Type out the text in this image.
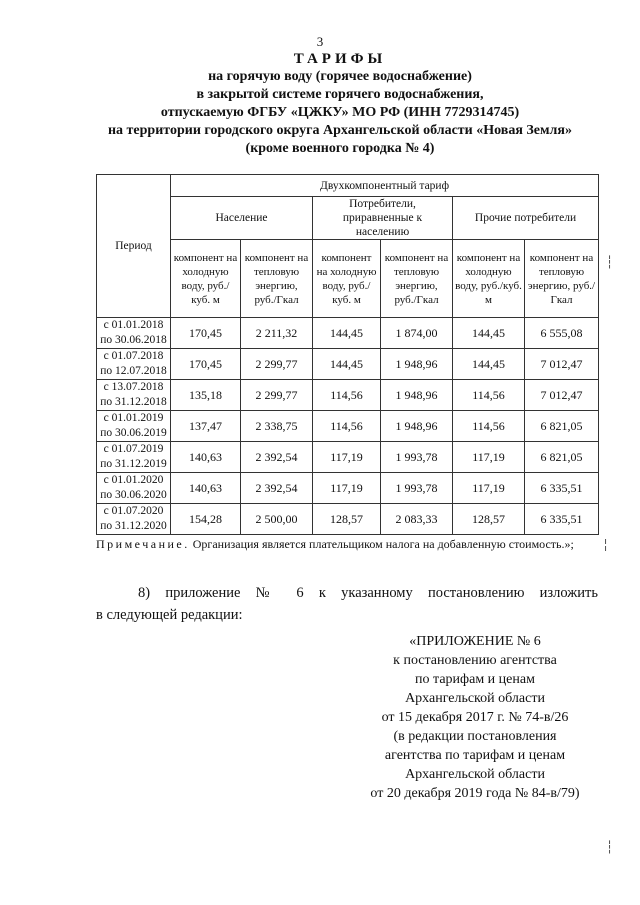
3
ТАРИФЫ
на горячую воду (горячее водоснабжение)
в закрытой системе горячего водоснабжения,
отпускаемую ФГБУ «ЦЖКУ» МО РФ (ИНН 7729314745)
на территории городского округа Архангельской области «Новая Земля»
(кроме военного городка № 4)
Период	Двухкомпонентный тариф					
	Население		Потребители, приравненные к населению		Прочие потребители	
	компонент на холодную воду, руб./куб. м	компонент на тепловую энергию, руб./Гкал	компонент на холодную воду, руб./куб. м	компонент на тепловую энергию, руб./Гкал	компонент на холодную воду, руб./куб. м	компонент на тепловую энергию, руб./Гкал

с 01.01.2018
по 30.06.2018	170,45	2 211,32	144,45	1 874,00	144,45	6 555,08

с 01.07.2018
по 12.07.2018	170,45	2 299,77	144,45	1 948,96	144,45	7 012,47

с 13.07.2018
по 31.12.2018	135,18	2 299,77	114,56	1 948,96	114,56	7 012,47

с 01.01.2019
по 30.06.2019	137,47	2 338,75	114,56	1 948,96	114,56	6 821,05

с 01.07.2019
по 31.12.2019	140,63	2 392,54	117,19	1 993,78	117,19	6 821,05

с 01.01.2020
по 30.06.2020	140,63	2 392,54	117,19	1 993,78	117,19	6 335,51

с 01.07.2020
по 31.12.2020	154,28	2 500,00	128,57	2 083,33	128,57	6 335,51
Примечание. Организация является плательщиком налога на добавленную стоимость.»;
8) приложение № 6 к указанному постановлению изложить
в следующей редакции:
«ПРИЛОЖЕНИЕ № 6
к постановлению агентства
по тарифам и ценам
Архангельской области
от 15 декабря 2017 г. № 74-в/26
(в редакции постановления
агентства по тарифам и ценам
Архангельской области
от 20 декабря 2019 года № 84-в/79)
┆
╎
┆
